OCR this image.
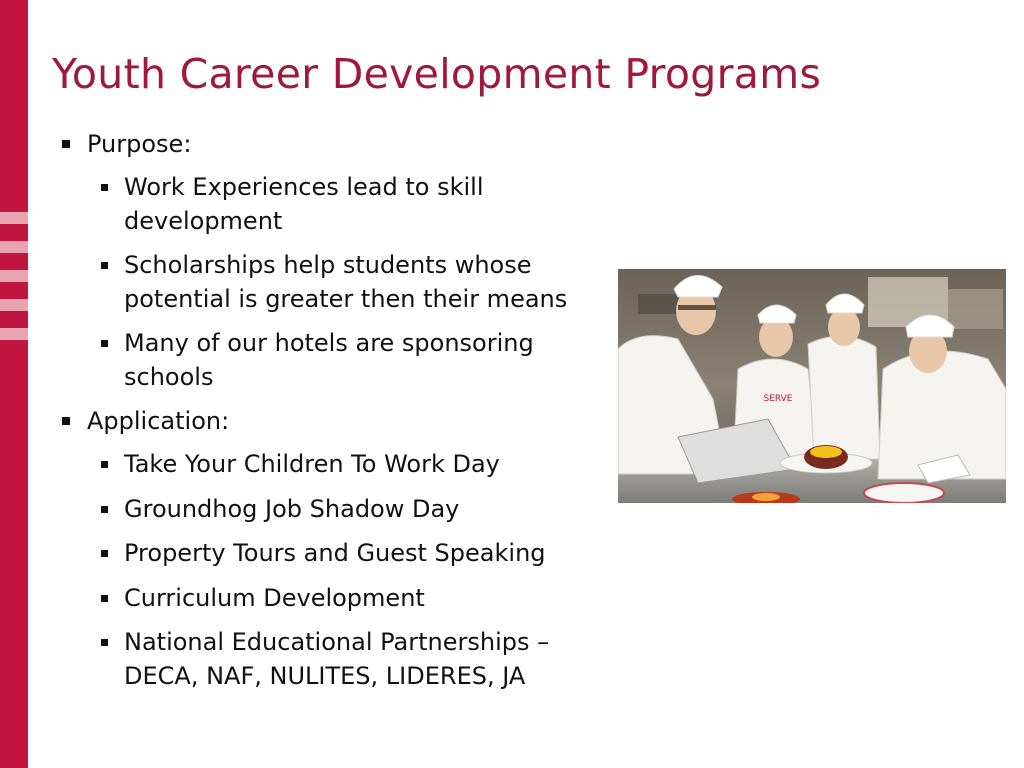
Youth Career Development Programs
Purpose:
Work Experiences lead to skill development
Scholarships help students whose potential is greater then their means
Many of our hotels are sponsoring schools
Application:
Take Your Children To Work Day
Groundhog Job Shadow Day
Property Tours and Guest Speaking
Curriculum Development
National Educational Partnerships – DECA, NAF, NULITES, LIDERES, JA
SERVE
